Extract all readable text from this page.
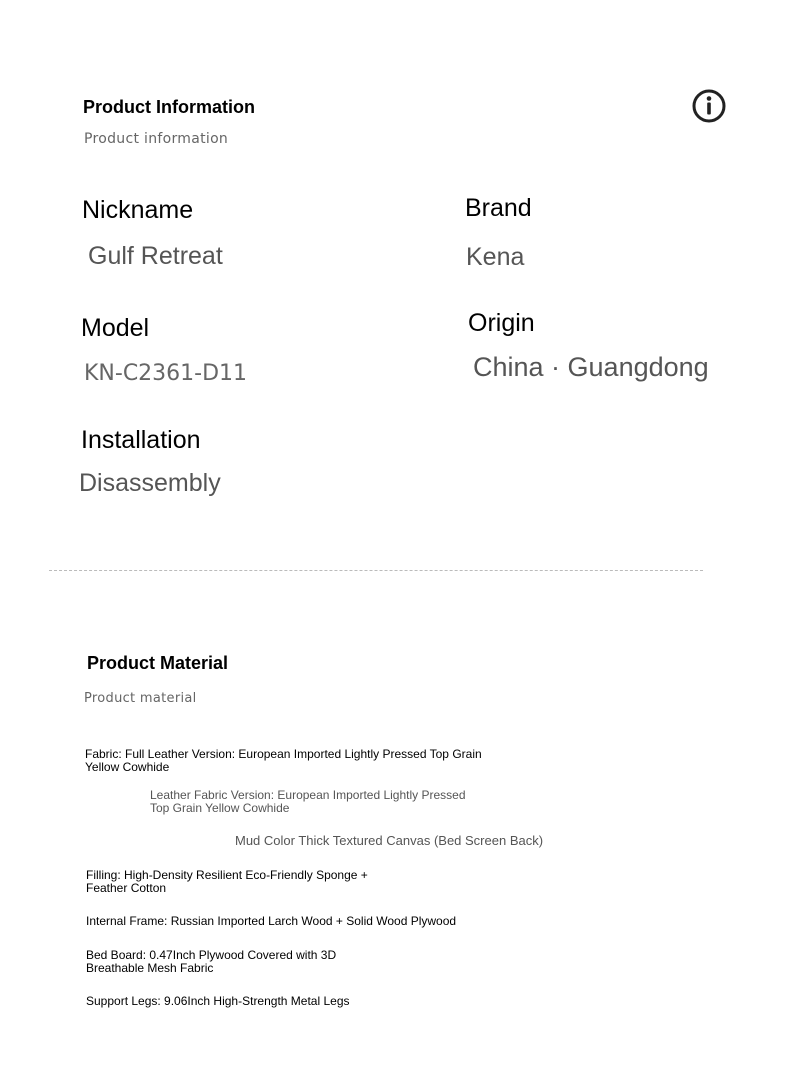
Product Information
Product information
Nickname
Gulf Retreat
Brand
Kena
Model
KN-C2361-D11
Origin
China · Guangdong
Installation
Disassembly
Product Material
Product material
Fabric: Full Leather Version: European Imported Lightly Pressed Top Grain
Yellow Cowhide
Leather Fabric Version: European Imported Lightly Pressed
Top Grain Yellow Cowhide
Mud Color Thick Textured Canvas (Bed Screen Back)
Filling: High-Density Resilient Eco-Friendly Sponge +
Feather Cotton
Internal Frame: Russian Imported Larch Wood + Solid Wood Plywood
Bed Board: 0.47Inch Plywood Covered with 3D
Breathable Mesh Fabric
Support Legs: 9.06Inch High-Strength Metal Legs
